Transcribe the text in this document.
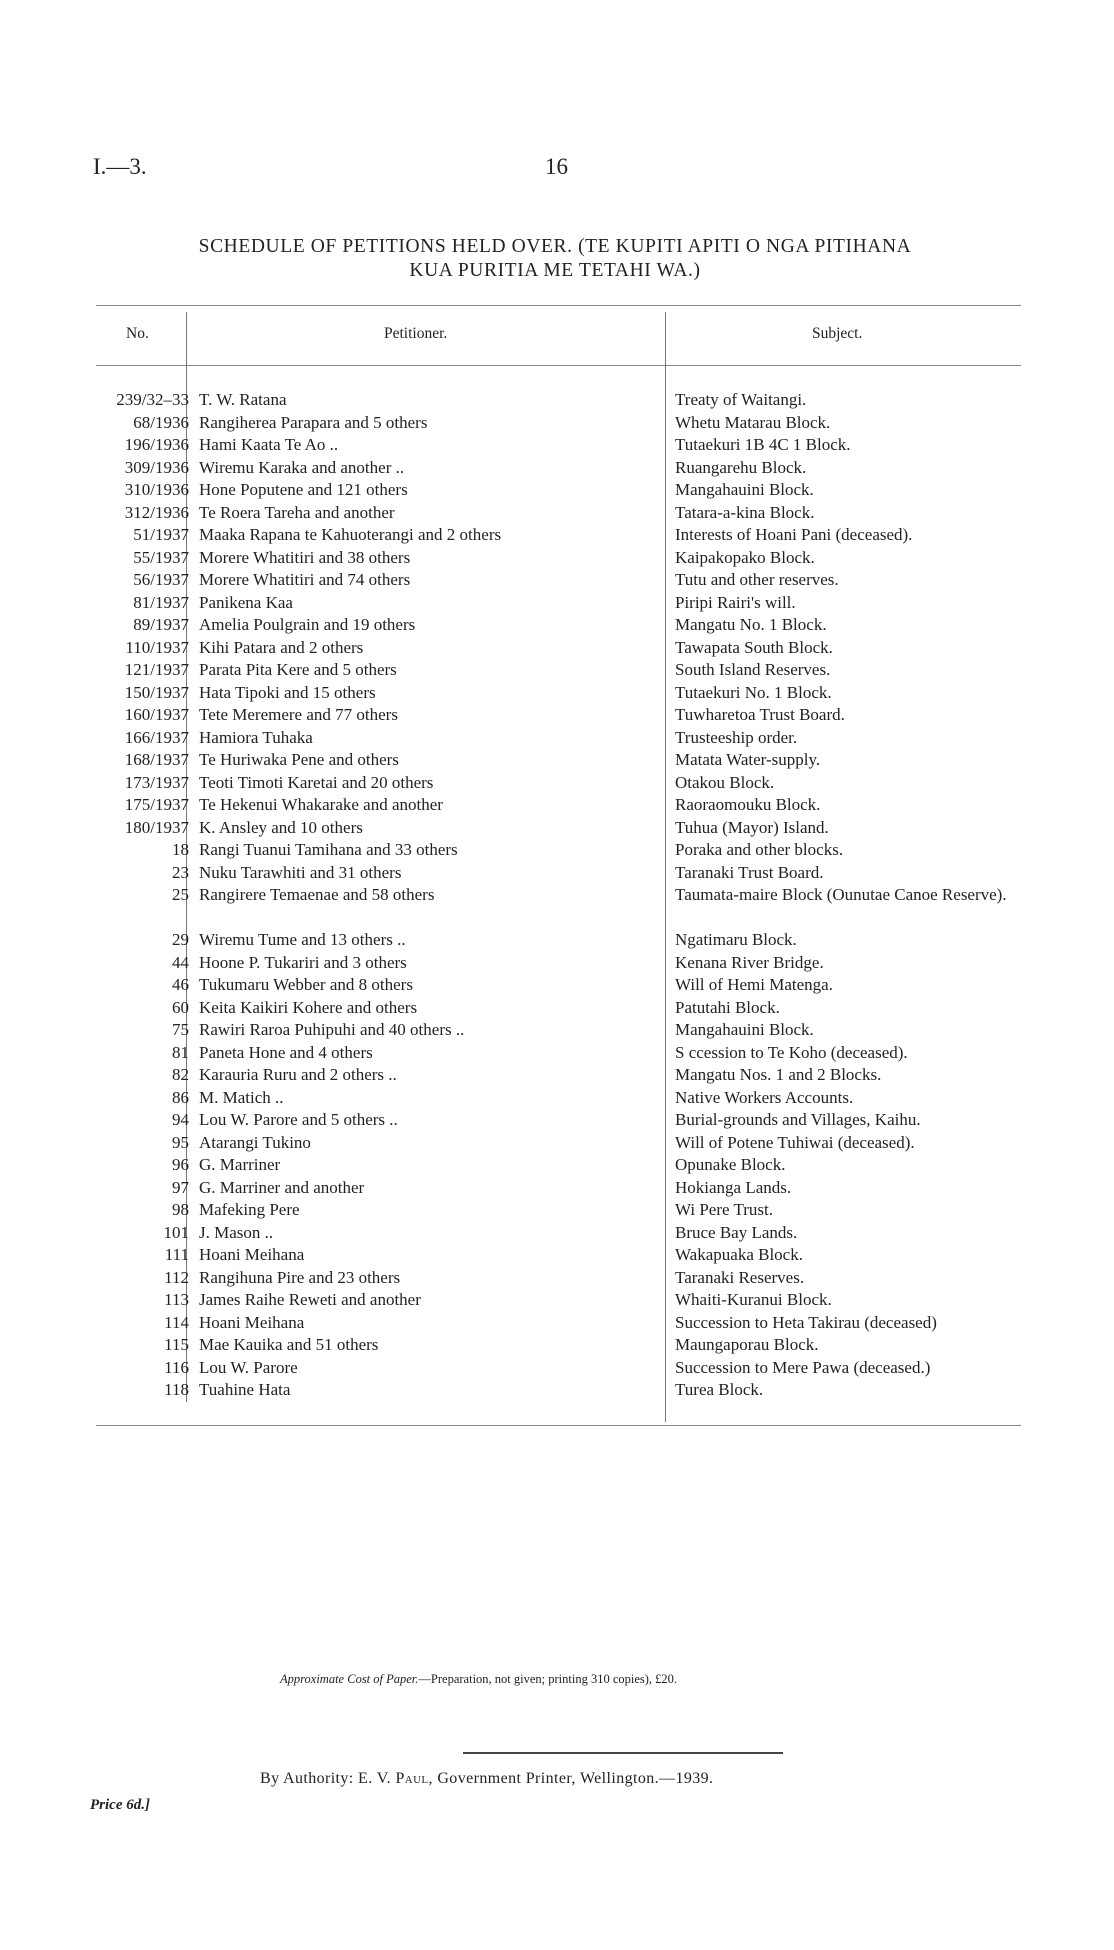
I.—3.	16
SCHEDULE OF PETITIONS HELD OVER. (TE KUPITI APITI O NGA PITIHANA
KUA PURITIA ME TETAHI WA.)
No.	Petitioner.	Subject.
239/32–33 T. W. Ratana	Treaty of Waitangi.
68/1936 Rangiherea Parapara and 5 others	Whetu Matarau Block.
196/1936 Hami Kaata Te Ao ..	Tutaekuri 1B 4C 1 Block.
309/1936 Wiremu Karaka and another ..	Ruangarehu Block.
310/1936 Hone Poputene and 121 others	Mangahauini Block.
312/1936 Te Roera Tareha and another	Tatara-a-kina Block.
51/1937 Maaka Rapana te Kahuoterangi and 2 others	Interests of Hoani Pani (deceased).
55/1937 Morere Whatitiri and 38 others	Kaipakopako Block.
56/1937 Morere Whatitiri and 74 others	Tutu and other reserves.
81/1937 Panikena Kaa	Piripi Rairi's will.
89/1937 Amelia Poulgrain and 19 others	Mangatu No. 1 Block.
110/1937 Kihi Patara and 2 others	Tawapata South Block.
121/1937 Parata Pita Kere and 5 others	South Island Reserves.
150/1937 Hata Tipoki and 15 others	Tutaekuri No. 1 Block.
160/1937 Tete Meremere and 77 others	Tuwharetoa Trust Board.
166/1937 Hamiora Tuhaka	Trusteeship order.
168/1937 Te Huriwaka Pene and others	Matata Water-supply.
173/1937 Teoti Timoti Karetai and 20 others	Otakou Block.
175/1937 Te Hekenui Whakarake and another	Raoraomouku Block.
180/1937 K. Ansley and 10 others	Tuhua (Mayor) Island.
18 Rangi Tuanui Tamihana and 33 others	Poraka and other blocks.
23 Nuku Tarawhiti and 31 others	Taranaki Trust Board.
25 Rangirere Temaenae and 58 others	Taumata-maire Block (Ounutae Canoe Reserve).
29 Wiremu Tume and 13 others ..	Ngatimaru Block.
44 Hoone P. Tukariri and 3 others	Kenana River Bridge.
46 Tukumaru Webber and 8 others	Will of Hemi Matenga.
60 Keita Kaikiri Kohere and others	Patutahi Block.
75 Rawiri Raroa Puhipuhi and 40 others ..	Mangahauini Block.
81 Paneta Hone and 4 others	S ccession to Te Koho (deceased).
82 Karauria Ruru and 2 others ..	Mangatu Nos. 1 and 2 Blocks.
86 M. Matich ..	Native Workers Accounts.
94 Lou W. Parore and 5 others ..	Burial-grounds and Villages, Kaihu.
95 Atarangi Tukino	Will of Potene Tuhiwai (deceased).
96 G. Marriner	Opunake Block.
97 G. Marriner and another	Hokianga Lands.
98 Mafeking Pere	Wi Pere Trust.
101 J. Mason ..	Bruce Bay Lands.
111 Hoani Meihana	Wakapuaka Block.
112 Rangihuna Pire and 23 others	Taranaki Reserves.
113 James Raihe Reweti and another	Whaiti-Kuranui Block.
114 Hoani Meihana	Succession to Heta Takirau (deceased)
115 Mae Kauika and 51 others	Maungaporau Block.
116 Lou W. Parore	Succession to Mere Pawa (deceased.)
118 Tuahine Hata	Turea Block.
Approximate Cost of Paper.—Preparation, not given; printing 310 copies), £20.
By Authority: E. V. Paul, Government Printer, Wellington.—1939.
Price 6d.]
